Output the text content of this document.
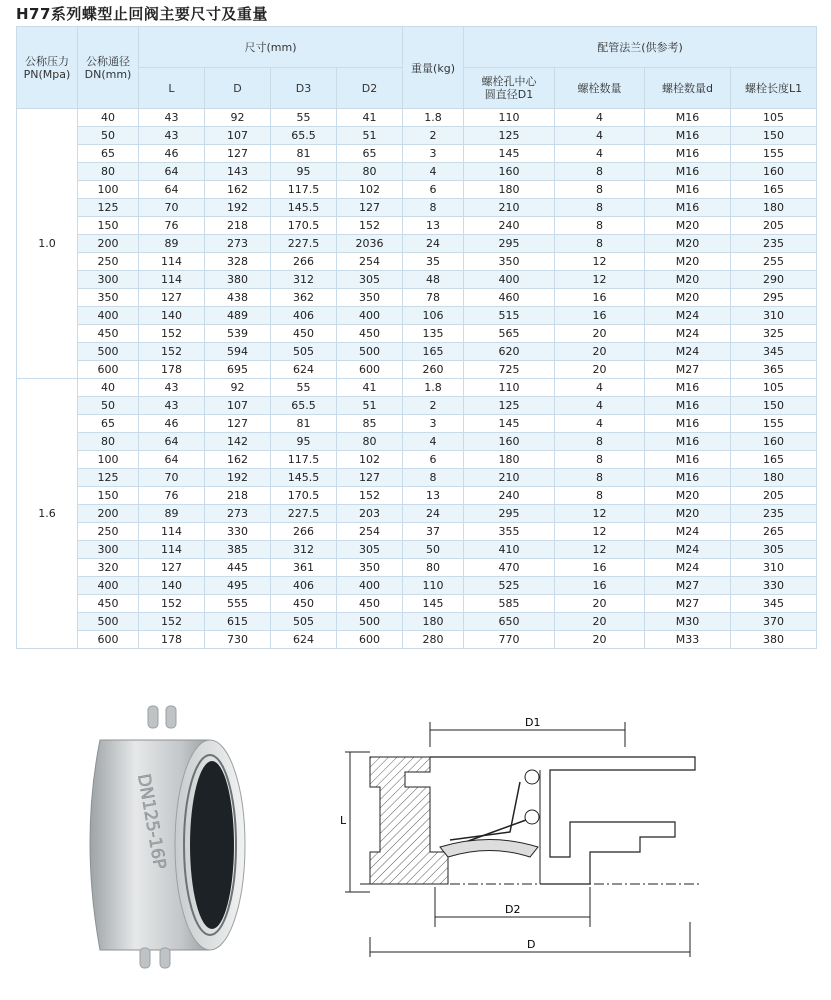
H77系列蝶型止回阀主要尺寸及重量
公称压力
PN(Mpa)	公称通径
DN(mm)	尺寸(mm)				重量(kg)	配管法兰(供参考)			
		L	D	D3	D2		螺栓孔中心
圆直径D1	螺栓数量	螺栓数量d	螺栓长度L1
1.0	40	43	92	55	41	1.8	110	4	M16	105
	50	43	107	65.5	51	2	125	4	M16	150
	65	46	127	81	65	3	145	4	M16	155
	80	64	143	95	80	4	160	8	M16	160
	100	64	162	117.5	102	6	180	8	M16	165
	125	70	192	145.5	127	8	210	8	M16	180
	150	76	218	170.5	152	13	240	8	M20	205
	200	89	273	227.5	2036	24	295	8	M20	235
	250	114	328	266	254	35	350	12	M20	255
	300	114	380	312	305	48	400	12	M20	290
	350	127	438	362	350	78	460	16	M20	295
	400	140	489	406	400	106	515	16	M24	310
	450	152	539	450	450	135	565	20	M24	325
	500	152	594	505	500	165	620	20	M24	345
	600	178	695	624	600	260	725	20	M27	365
1.6	40	43	92	55	41	1.8	110	4	M16	105
	50	43	107	65.5	51	2	125	4	M16	150
	65	46	127	81	85	3	145	4	M16	155
	80	64	142	95	80	4	160	8	M16	160
	100	64	162	117.5	102	6	180	8	M16	165
	125	70	192	145.5	127	8	210	8	M16	180
	150	76	218	170.5	152	13	240	8	M20	205
	200	89	273	227.5	203	24	295	12	M20	235
	250	114	330	266	254	37	355	12	M24	265
	300	114	385	312	305	50	410	12	M24	305
	320	127	445	361	350	80	470	16	M24	310
	400	140	495	406	400	110	525	16	M27	330
	450	152	555	450	450	145	585	20	M27	345
	500	152	615	505	500	180	650	20	M30	370
	600	178	730	624	600	280	770	20	M33	380
DN125-16P
D1
L
D2
D
